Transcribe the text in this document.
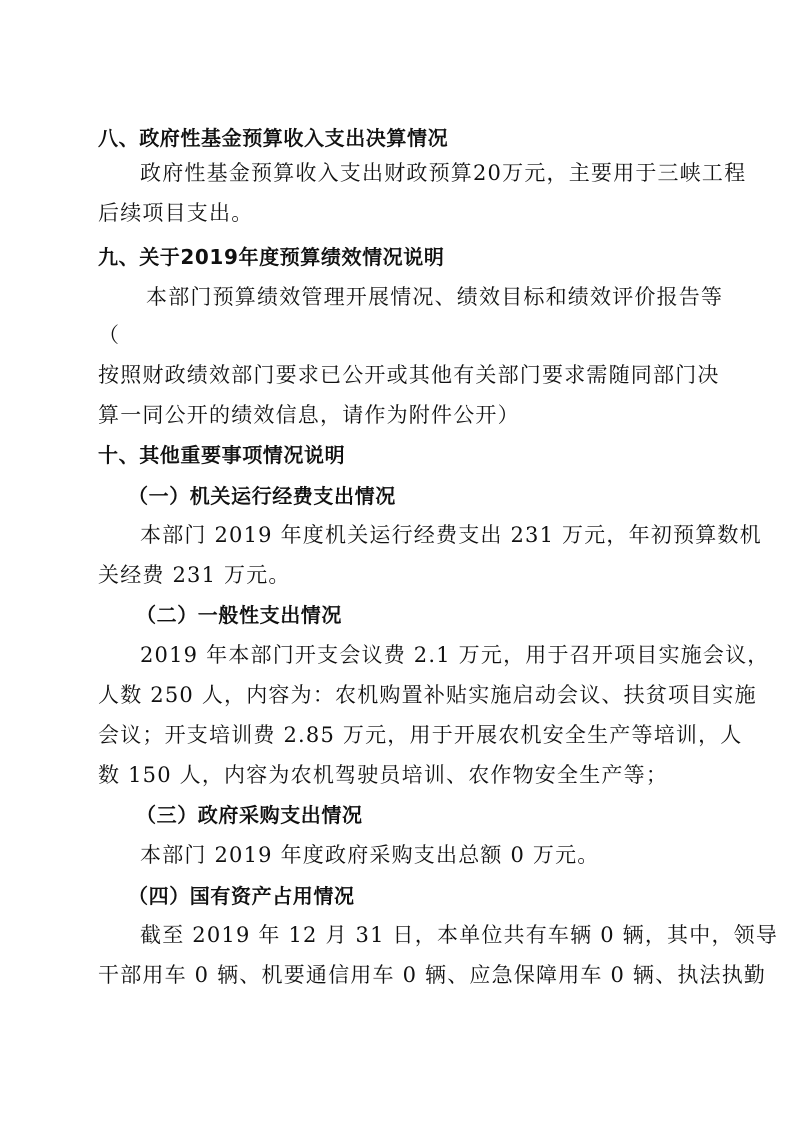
八、政府性基金预算收入支出决算情况
政府性基金预算收入支出财政预算20万元，主要用于三峡工程
后续项目支出。
九、关于2019年度预算绩效情况说明
本部门预算绩效管理开展情况、绩效目标和绩效评价报告等
（
按照财政绩效部门要求已公开或其他有关部门要求需随同部门决
算一同公开的绩效信息，请作为附件公开）
十、其他重要事项情况说明
（一）机关运行经费支出情况
本部门 2019 年度机关运行经费支出 231 万元，年初预算数机
关经费 231 万元。
（二）一般性支出情况
2019 年本部门开支会议费 2.1 万元，用于召开项目实施会议，
人数 250 人，内容为：农机购置补贴实施启动会议、扶贫项目实施
会议；开支培训费 2.85 万元，用于开展农机安全生产等培训，人
数 150 人，内容为农机驾驶员培训、农作物安全生产等；
（三）政府采购支出情况
本部门 2019 年度政府采购支出总额 0 万元。
（四）国有资产占用情况
截至 2019 年 12 月 31 日，本单位共有车辆 0 辆，其中，领导
干部用车 0 辆、机要通信用车 0 辆、应急保障用车 0 辆、执法执勤
